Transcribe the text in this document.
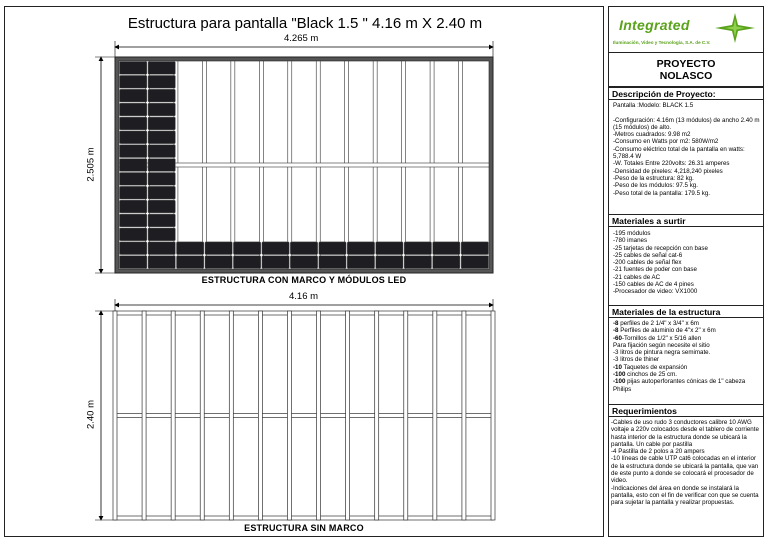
Estructura para pantalla "Black 1.5 " 4.16 m X 2.40 m
4.265 m
2.505 m
ESTRUCTURA CON MARCO Y MÓDULOS LED
4.16 m
2.40 m
ESTRUCTURA SIN MARCO
Integrated
Iluminación, Video y Tecnología, S.A. de C.V.
PROYECTO
NOLASCO
Descripción de Proyecto:
Pantalla :Modelo: BLACK 1.5

-Configuración: 4.16m (13 módulos) de ancho 2.40 m (15 módulos) de alto.
-Metros cuadrados: 9.98 m2
-Consumo en Watts por m2: 580W/m2
-Consumo eléctrico total de la pantalla en watts: 5,788.4 W
-W. Totales Entre 220volts: 26.31 amperes
-Densidad de pixeles: 4,218,240 pixeles
-Peso de la estructura: 82 kg.
-Peso de los módulos: 97.5 kg.
-Peso total de la pantalla: 179.5 kg.
Materiales a surtir
-195 módulos
-780 imanes
-25 tarjetas de recepción con base
-25 cables de señal cat-6
-200 cables de señal flex
-21 fuentes de poder con base
-21 cables de AC
-150 cables de AC de 4 pines
-Procesador de video: VX1000
Materiales de la estructura
-8 perfiles de 2 1/4" x 3/4" x 6m
-8 Perfiles de aluminio de 4"x 2" x 6m
-60-Tornillos de 1/2" x 5/16 allen
Para fijación según necesite el sitio
-3 litros de pintura negra semimate.
-3 litros de thiner
-10 Taquetes de expansión
-100 cinchos de 25 cm.
-100 pijas autoperforantes cónicas de 1" cabeza Philips
Requerimientos
-Cables de uso rudo 3 conductores calibre 10 AWG voltaje a 220v colocados desde el tablero de corriente hasta interior de la estructura donde se ubicará la pantalla. Un cable por pastilla
-4 Pastilla de 2 polos a 20 ampers
-10 líneas de cable UTP cat6 colocadas en el interior de la estructura donde se ubicará la pantalla, que van de este punto a donde se colocará el procesador de video.
-Indicaciones del área en donde se instalará la pantalla, esto con el fin de verificar con que se cuenta para sujetar la pantalla y realizar propuestas.
